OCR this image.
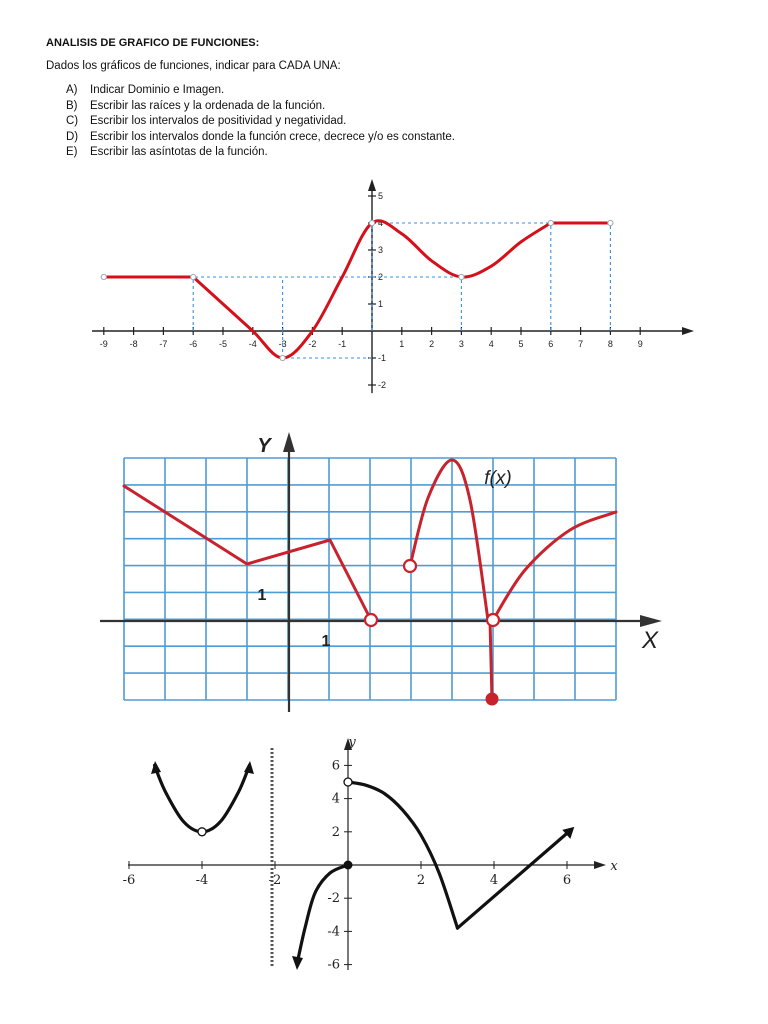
ANALISIS DE GRAFICO DE FUNCIONES:
Dados los gráficos de funciones, indicar para CADA UNA:
A)	Indicar Dominio e Imagen.
B)	Escribir las raíces y la ordenada de la función.
C)	Escribir los intervalos de positividad y negatividad.
D)	Escribir los intervalos donde la función crece, decrece y/o es constante.
E)	Escribir las asíntotas de la función.
-9 -8 -7 -6 -5 -4 -3 -2 -1	1	2	3	4	5	6	7	8	9
5
4
3
2
1
-1
-2
Y
X
f(x)
1
1
y
x
-6	-4	-2	2	4	6
6
4
2
-2
-4
-6
